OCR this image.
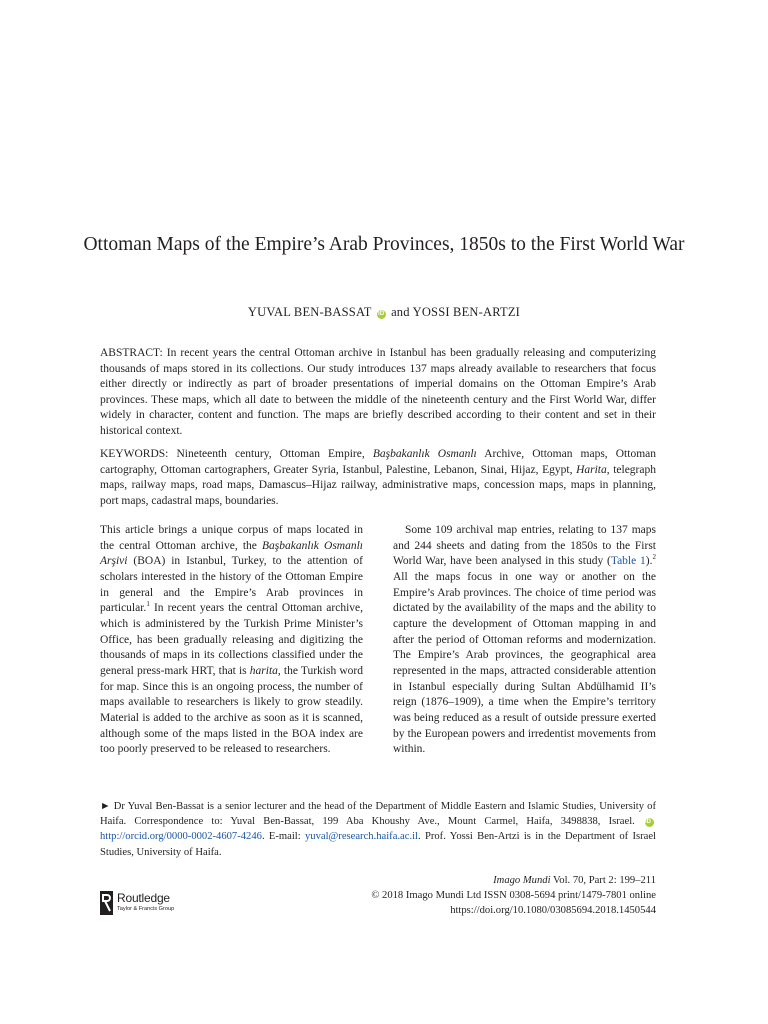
Ottoman Maps of the Empire’s Arab Provinces, 1850s to the First World War
YUVAL BEN-BASSAT iD and YOSSI BEN-ARTZI
ABSTRACT: In recent years the central Ottoman archive in Istanbul has been gradually releasing and computerizing thousands of maps stored in its collections. Our study introduces 137 maps already available to researchers that focus either directly or indirectly as part of broader presentations of imperial domains on the Ottoman Empire’s Arab provinces. These maps, which all date to between the middle of the nineteenth century and the First World War, differ widely in character, content and function. The maps are briefly described according to their content and set in their historical context.
KEYWORDS: Nineteenth century, Ottoman Empire, Başbakanlık Osmanlı Archive, Ottoman maps, Ottoman cartography, Ottoman cartographers, Greater Syria, Istanbul, Palestine, Lebanon, Sinai, Hijaz, Egypt, Harita, telegraph maps, railway maps, road maps, Damascus–Hijaz railway, administrative maps, concession maps, maps in planning, port maps, cadastral maps, boundaries.

This article brings a unique corpus of maps located in the central Ottoman archive, the Başbakanlık Osmanlı Arşivi (BOA) in Istanbul, Turkey, to the attention of scholars interested in the history of the Ottoman Empire in general and the Empire’s Arab provinces in particular.$^1$ In recent years the central Ottoman archive, which is administered by the Turkish Prime Minister’s Office, has been gradually releasing and digitizing the thousands of maps in its collections classified under the general press-mark HRT, that is harita, the Turkish word for map. Since this is an ongoing process, the number of maps available to researchers is likely to grow steadily. Material is added to the archive as soon as it is scanned, although some of the maps listed in the BOA index are too poorly preserved to be released to researchers.

Some 109 archival map entries, relating to 137 maps and 244 sheets and dating from the 1850s to the First World War, have been analysed in this study (Table 1).$^2$ All the maps focus in one way or another on the Empire’s Arab provinces. The choice of time period was dictated by the availability of the maps and the ability to capture the development of Ottoman mapping in and after the period of Ottoman reforms and modernization. The Empire’s Arab provinces, the geographical area represented in the maps, attracted considerable attention in Istanbul especially during Sultan Abdülhamid II’s reign (1876–1909), a time when the Empire’s territory was being reduced as a result of outside pressure exerted by the European powers and irredentist movements from within.

► Dr Yuval Ben-Bassat is a senior lecturer and the head of the Department of Middle Eastern and Islamic Studies, University of Haifa. Correspondence to: Yuval Ben-Bassat, 199 Aba Khoushy Ave., Mount Carmel, Haifa, 3498838, Israel. iD http://orcid.org/0000-0002-4607-4246. E-mail: yuval@research.haifa.ac.il. Prof. Yossi Ben-Artzi is in the Department of Israel Studies, University of Haifa.
Routledge
Taylor & Francis Group
Imago Mundi Vol. 70, Part 2: 199–211
© 2018 Imago Mundi Ltd ISSN 0308-5694 print/1479-7801 online
https://doi.org/10.1080/03085694.2018.1450544
